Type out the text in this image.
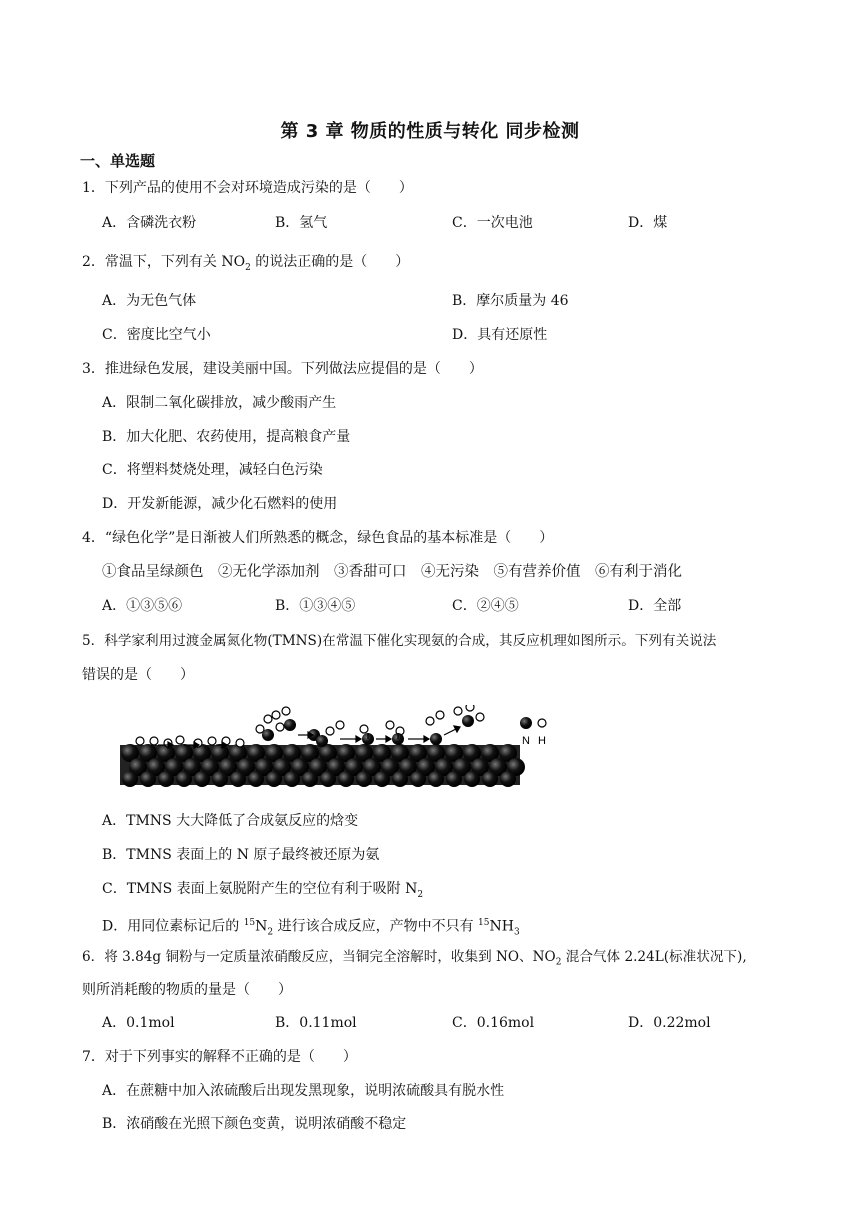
第 3 章 物质的性质与转化 同步检测
一、单选题
1．下列产品的使用不会对环境造成污染的是（　　）
A．含磷洗衣粉	B．氢气	C．一次电池	D．煤
2．常温下，下列有关 $NO_2$ 的说法正确的是（　　）
A．为无色气体	B．摩尔质量为 46
C．密度比空气小	D．具有还原性
3．推进绿色发展，建设美丽中国。下列做法应提倡的是（　　）
A．限制二氧化碳排放，减少酸雨产生
B．加大化肥、农药使用，提高粮食产量
C．将塑料焚烧处理，减轻白色污染
D．开发新能源，减少化石燃料的使用
4．“绿色化学”是日渐被人们所熟悉的概念，绿色食品的基本标准是（　　）
①食品呈绿颜色　②无化学添加剂　③香甜可口　④无污染　⑤有营养价值　⑥有利于消化
A．①③⑤⑥	B．①③④⑤	C．②④⑤	D．全部
5．科学家利用过渡金属氮化物(TMNS)在常温下催化实现氨的合成，其反应机理如图所示。下列有关说法
错误的是（　　）
N H
A．TMNS 大大降低了合成氨反应的焓变
B．TMNS 表面上的 N 原子最终被还原为氨
C．TMNS 表面上氨脱附产生的空位有利于吸附 $N_2$
D．用同位素标记后的 $^{15}N_2$ 进行该合成反应，产物中不只有 $^{15}NH_3$
6．将 3.84g 铜粉与一定质量浓硝酸反应，当铜完全溶解时，收集到 NO、$NO_2$ 混合气体 2.24L(标准状况下),
则所消耗酸的物质的量是（　　）
A．0.1mol	B．0.11mol	C．0.16mol	D．0.22mol
7．对于下列事实的解释不正确的是（　　）
A．在蔗糖中加入浓硫酸后出现发黑现象，说明浓硫酸具有脱水性
B．浓硝酸在光照下颜色变黄，说明浓硝酸不稳定
